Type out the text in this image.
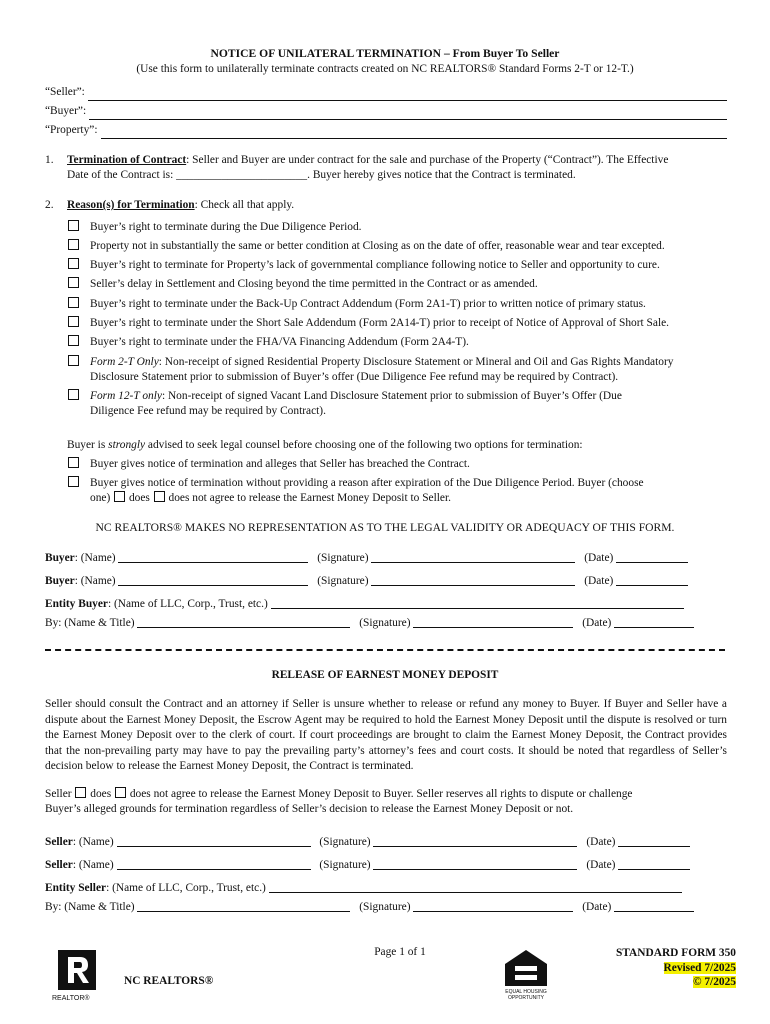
NOTICE OF UNILATERAL TERMINATION – From Buyer To Seller
(Use this form to unilaterally terminate contracts created on NC REALTORS® Standard Forms 2-T or 12-T.)
“Seller”:
“Buyer”:
“Property”:
1. Termination of Contract: Seller and Buyer are under contract for the sale and purchase of the Property (“Contract”). The Effective
Date of the Contract is: _______________________. Buyer hereby gives notice that the Contract is terminated.
2. Reason(s) for Termination: Check all that apply.
Buyer’s right to terminate during the Due Diligence Period.
Property not in substantially the same or better condition at Closing as on the date of offer, reasonable wear and tear excepted.
Buyer’s right to terminate for Property’s lack of governmental compliance following notice to Seller and opportunity to cure.
Seller’s delay in Settlement and Closing beyond the time permitted in the Contract or as amended.
Buyer’s right to terminate under the Back-Up Contract Addendum (Form 2A1-T) prior to written notice of primary status.
Buyer’s right to terminate under the Short Sale Addendum (Form 2A14-T) prior to receipt of Notice of Approval of Short Sale.
Buyer’s right to terminate under the FHA/VA Financing Addendum (Form 2A4-T).
Form 2-T Only: Non-receipt of signed Residential Property Disclosure Statement or Mineral and Oil and Gas Rights Mandatory
Disclosure Statement prior to submission of Buyer’s offer (Due Diligence Fee refund may be required by Contract).
Form 12-T only: Non-receipt of signed Vacant Land Disclosure Statement prior to submission of Buyer’s Offer (Due
Diligence Fee refund may be required by Contract).
Buyer is strongly advised to seek legal counsel before choosing one of the following two options for termination:
Buyer gives notice of termination and alleges that Seller has breached the Contract.
Buyer gives notice of termination without providing a reason after expiration of the Due Diligence Period. Buyer (choose
one)  does  does not agree to release the Earnest Money Deposit to Seller.
NC REALTORS® MAKES NO REPRESENTATION AS TO THE LEGAL VALIDITY OR ADEQUACY OF THIS FORM.
Buyer: (Name)	(Signature)	(Date)
Buyer: (Name)	(Signature)	(Date)
Entity Buyer: (Name of LLC, Corp., Trust, etc.)
By: (Name & Title)	(Signature)	(Date)
RELEASE OF EARNEST MONEY DEPOSIT
Seller should consult the Contract and an attorney if Seller is unsure whether to release or refund any money to Buyer. If Buyer and Seller have a dispute about the Earnest Money Deposit, the Escrow Agent may be required to hold the Earnest Money Deposit until the dispute is resolved or turn the Earnest Money Deposit over to the clerk of court. If court proceedings are brought to claim the Earnest Money Deposit, the Contract provides that the non-prevailing party may have to pay the prevailing party’s attorney’s fees and court costs. It should be noted that regardless of Seller’s decision below to release the Earnest Money Deposit, the Contract is terminated.
Seller  does  does not agree to release the Earnest Money Deposit to Buyer. Seller reserves all rights to dispute or challenge
Buyer’s alleged grounds for termination regardless of Seller’s decision to release the Earnest Money Deposit or not.
Seller: (Name)	(Signature)	(Date)
Seller: (Name)	(Signature)	(Date)
Entity Seller: (Name of LLC, Corp., Trust, etc.)
By: (Name & Title)	(Signature)	(Date)
Page 1 of 1
REALTOR®
NC REALTORS®
EQUAL HOUSING OPPORTUNITY
STANDARD FORM 350
Revised 7/2025
© 7/2025
